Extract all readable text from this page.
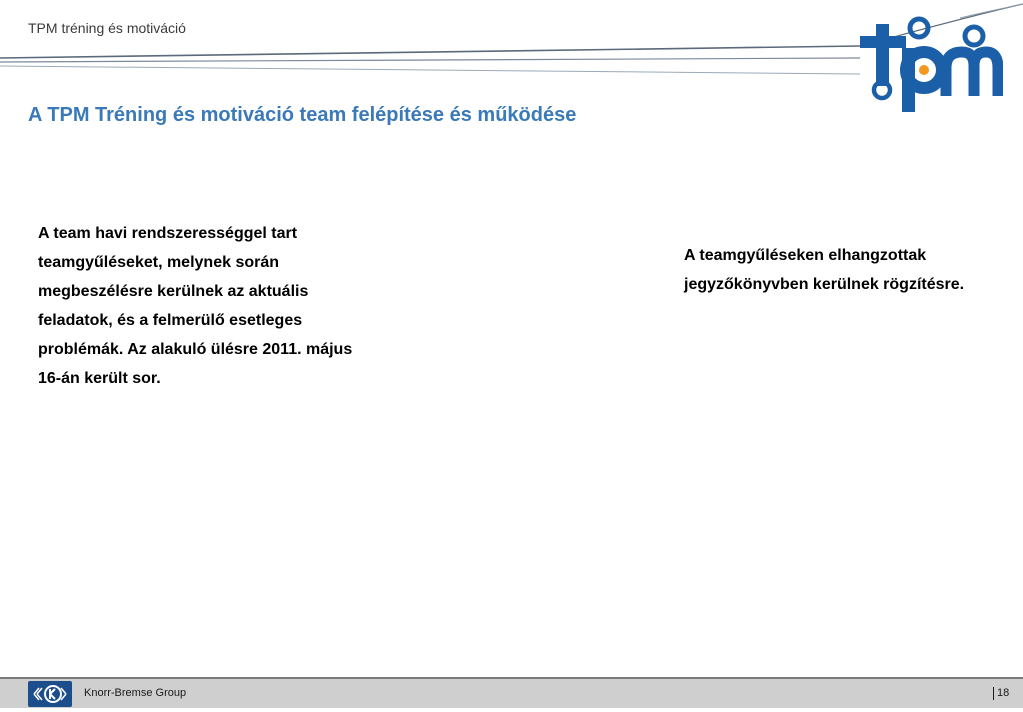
TPM tréning és motiváció
A TPM Tréning és motiváció team felépítése és működése
A team havi rendszerességgel tart teamgyűléseket, melynek során megbeszélésre kerülnek az aktuális feladatok, és a felmerülő esetleges problémák. Az alakuló ülésre 2011. május 16-án került sor.
A teamgyűléseken elhangzottak jegyzőkönyvben kerülnek rögzítésre.
Knorr-Bremse Group	18
